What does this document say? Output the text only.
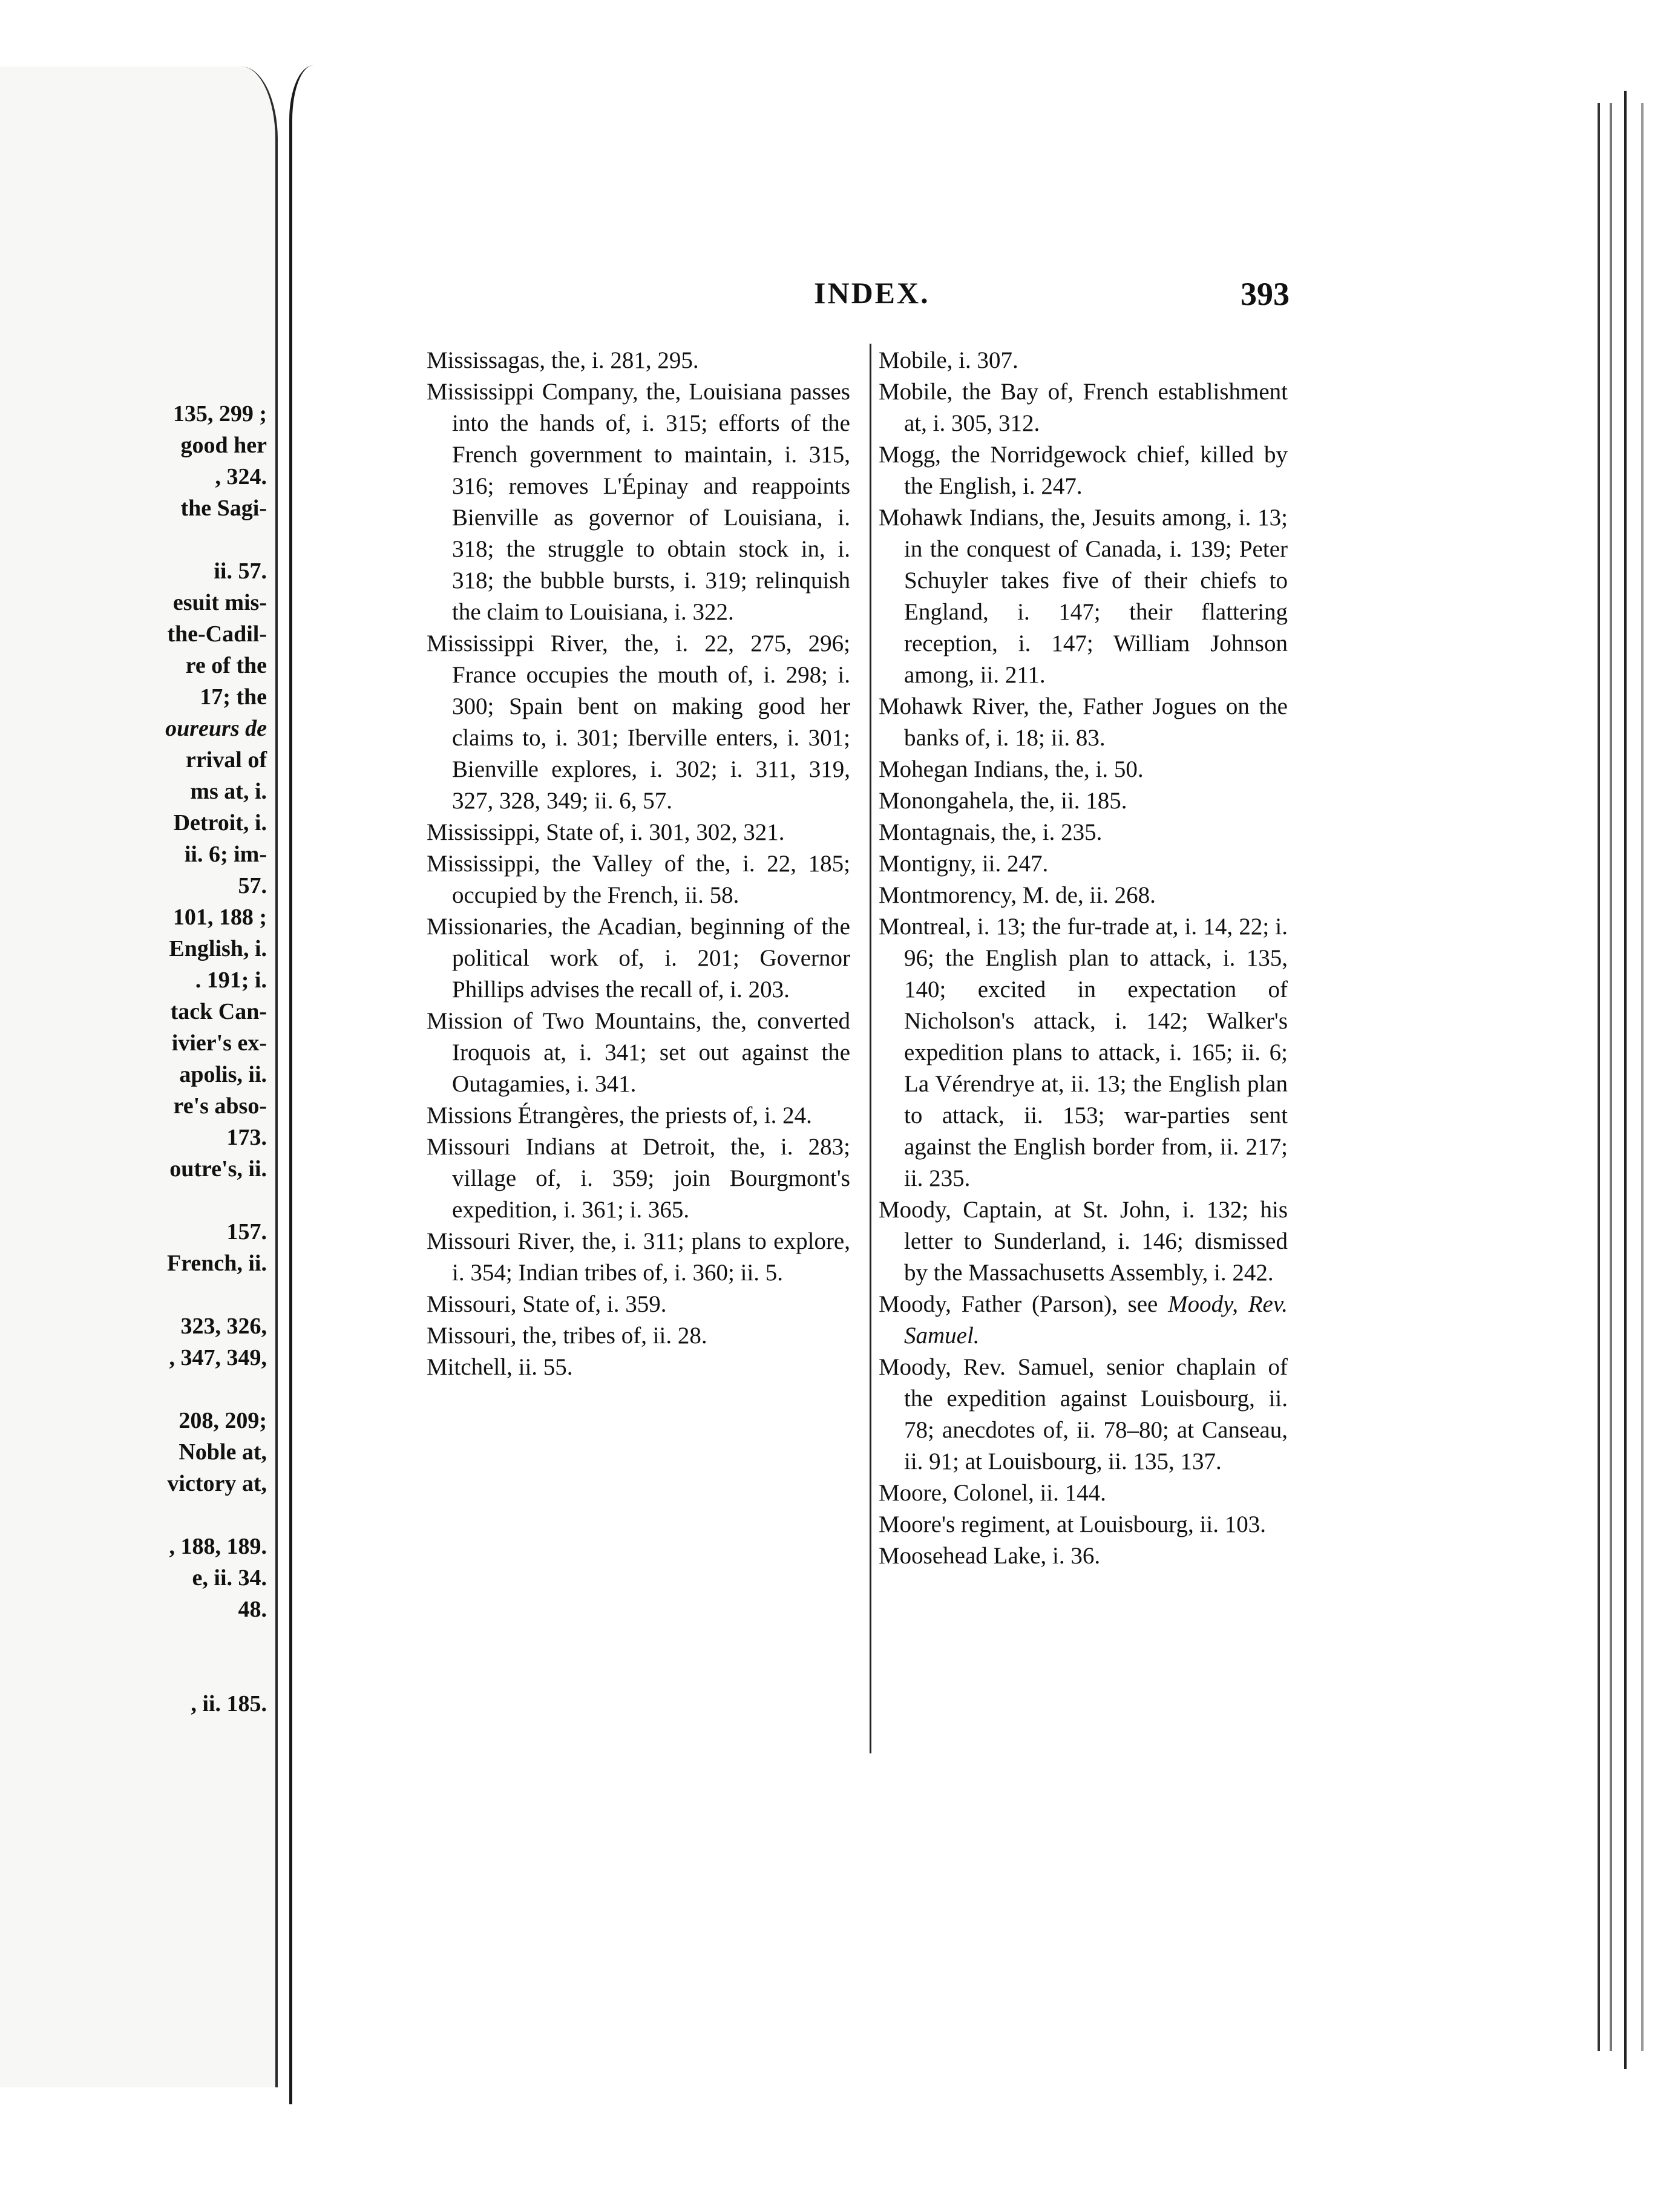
135, 299 ;
good her
, 324.
the Sagi-
ii. 57.
esuit mis-
the-Cadil-
re of the
17; the
oureurs de
rrival of
ms at, i.
Detroit, i.
ii. 6; im-
57.
101, 188 ;
English, i.
. 191; i.
tack Can-
ivier's ex-
apolis, ii.
re's abso-
173.
outre's, ii.
157.
French, ii.
323, 326,
, 347, 349,
208, 209;
Noble at,
victory at,
, 188, 189.
e, ii. 34.
48.
, ii. 185.
INDEX.	393

Mississagas, the, i. 281, 295.

Mississippi Company, the, Louisiana passes into the hands of, i. 315; efforts of the French government to maintain, i. 315, 316; removes L'Épinay and reappoints Bienville as governor of Louisiana, i. 318; the struggle to obtain stock in, i. 318; the bubble bursts, i. 319; relinquish the claim to Louisiana, i. 322.

Mississippi River, the, i. 22, 275, 296; France occupies the mouth of, i. 298; i. 300; Spain bent on making good her claims to, i. 301; Iberville enters, i. 301; Bienville explores, i. 302; i. 311, 319, 327, 328, 349; ii. 6, 57.

Mississippi, State of, i. 301, 302, 321.

Mississippi, the Valley of the, i. 22, 185; occupied by the French, ii. 58.

Missionaries, the Acadian, beginning of the political work of, i. 201; Governor Phillips advises the recall of, i. 203.

Mission of Two Mountains, the, converted Iroquois at, i. 341; set out against the Outagamies, i. 341.

Missions Étrangères, the priests of, i. 24.

Missouri Indians at Detroit, the, i. 283; village of, i. 359; join Bourgmont's expedition, i. 361; i. 365.

Missouri River, the, i. 311; plans to explore, i. 354; Indian tribes of, i. 360; ii. 5.

Missouri, State of, i. 359.

Missouri, the, tribes of, ii. 28.

Mitchell, ii. 55.

Mobile, i. 307.

Mobile, the Bay of, French establishment at, i. 305, 312.

Mogg, the Norridgewock chief, killed by the English, i. 247.

Mohawk Indians, the, Jesuits among, i. 13; in the conquest of Canada, i. 139; Peter Schuyler takes five of their chiefs to England, i. 147; their flattering reception, i. 147; William Johnson among, ii. 211.

Mohawk River, the, Father Jogues on the banks of, i. 18; ii. 83.

Mohegan Indians, the, i. 50.

Monongahela, the, ii. 185.

Montagnais, the, i. 235.

Montigny, ii. 247.

Montmorency, M. de, ii. 268.

Montreal, i. 13; the fur-trade at, i. 14, 22; i. 96; the English plan to attack, i. 135, 140; excited in expectation of Nicholson's attack, i. 142; Walker's expedition plans to attack, i. 165; ii. 6; La Vérendrye at, ii. 13; the English plan to attack, ii. 153; war-parties sent against the English border from, ii. 217; ii. 235.

Moody, Captain, at St. John, i. 132; his letter to Sunderland, i. 146; dismissed by the Massachusetts Assembly, i. 242.

Moody, Father (Parson), see Moody, Rev. Samuel.

Moody, Rev. Samuel, senior chaplain of the expedition against Louisbourg, ii. 78; anecdotes of, ii. 78–80; at Canseau, ii. 91; at Louisbourg, ii. 135, 137.

Moore, Colonel, ii. 144.

Moore's regiment, at Louisbourg, ii. 103.

Moosehead Lake, i. 36.
